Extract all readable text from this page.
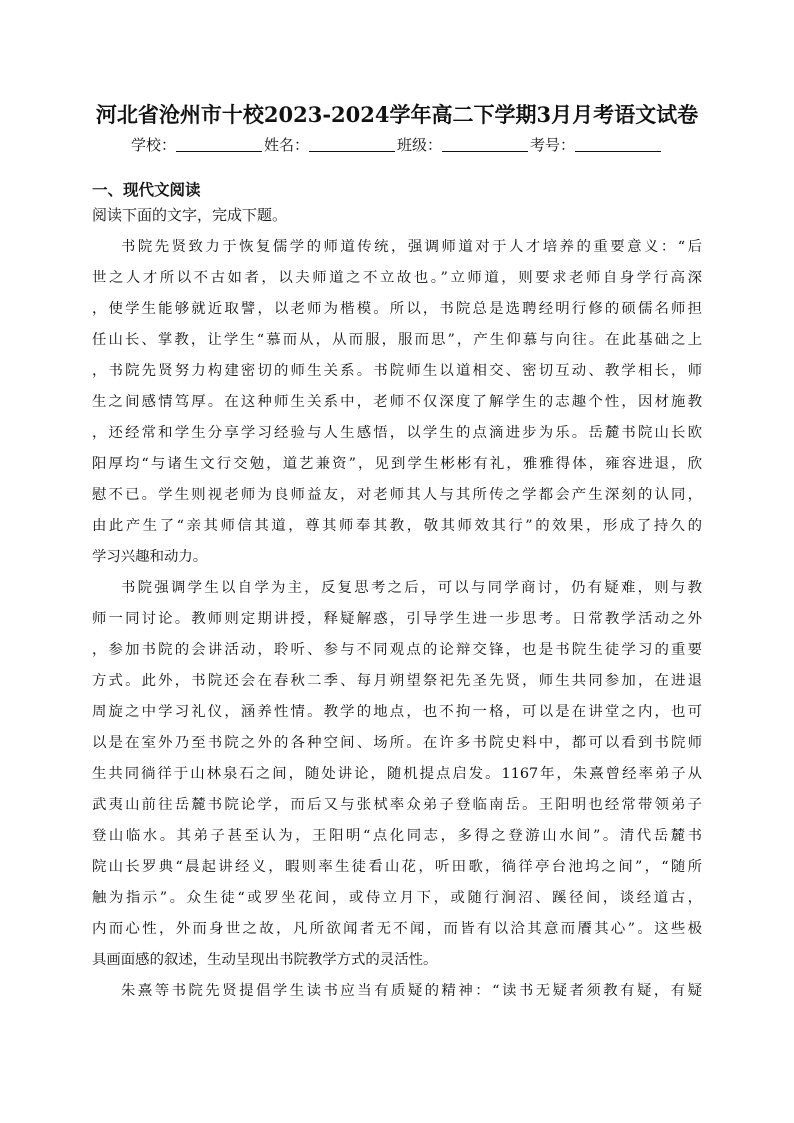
河北省沧州市十校2023-2024学年高二下学期3月月考语文试卷
学校：	姓名：	班级：	考号：
一、现代文阅读
阅读下面的文字，完成下题。
书院先贤致力于恢复儒学的师道传统，强调师道对于人才培养的重要意义：“后
世之人才所以不古如者，以夫师道之不立故也。”立师道，则要求老师自身学行高深
，使学生能够就近取譬，以老师为楷模。所以，书院总是选聘经明行修的硕儒名师担
任山长、掌教，让学生“慕而从，从而服，服而思”，产生仰慕与向往。在此基础之上
，书院先贤努力构建密切的师生关系。书院师生以道相交、密切互动、教学相长，师
生之间感情笃厚。在这种师生关系中，老师不仅深度了解学生的志趣个性，因材施教
，还经常和学生分享学习经验与人生感悟，以学生的点滴进步为乐。岳麓书院山长欧
阳厚均“与诸生文行交勉，道艺兼资”，见到学生彬彬有礼，雅雅得体，雍容进退，欣
慰不已。学生则视老师为良师益友，对老师其人与其所传之学都会产生深刻的认同，
由此产生了“亲其师信其道，尊其师奉其教，敬其师效其行”的效果，形成了持久的
学习兴趣和动力。
书院强调学生以自学为主，反复思考之后，可以与同学商讨，仍有疑难，则与教
师一同讨论。教师则定期讲授，释疑解惑，引导学生进一步思考。日常教学活动之外
，参加书院的会讲活动，聆听、参与不同观点的论辩交锋，也是书院生徒学习的重要
方式。此外，书院还会在春秋二季、每月朔望祭祀先圣先贤，师生共同参加，在进退
周旋之中学习礼仪，涵养性情。教学的地点，也不拘一格，可以是在讲堂之内，也可
以是在室外乃至书院之外的各种空间、场所。在许多书院史料中，都可以看到书院师
生共同徜徉于山林泉石之间，随处讲论，随机提点启发。1167年，朱熹曾经率弟子从
武夷山前往岳麓书院论学，而后又与张栻率众弟子登临南岳。王阳明也经常带领弟子
登山临水。其弟子甚至认为，王阳明“点化同志，多得之登游山水间”。清代岳麓书
院山长罗典“晨起讲经义，暇则率生徒看山花，听田歌，徜徉亭台池坞之间”，“随所
触为指示”。众生徒“或罗坐花间，或侍立月下，或随行涧沼、蹊径间，谈经道古，
内而心性，外而身世之故，凡所欲闻者无不闻，而皆有以洽其意而餍其心”。这些极
具画面感的叙述，生动呈现出书院教学方式的灵活性。
朱熹等书院先贤提倡学生读书应当有质疑的精神：“读书无疑者须教有疑，有疑
